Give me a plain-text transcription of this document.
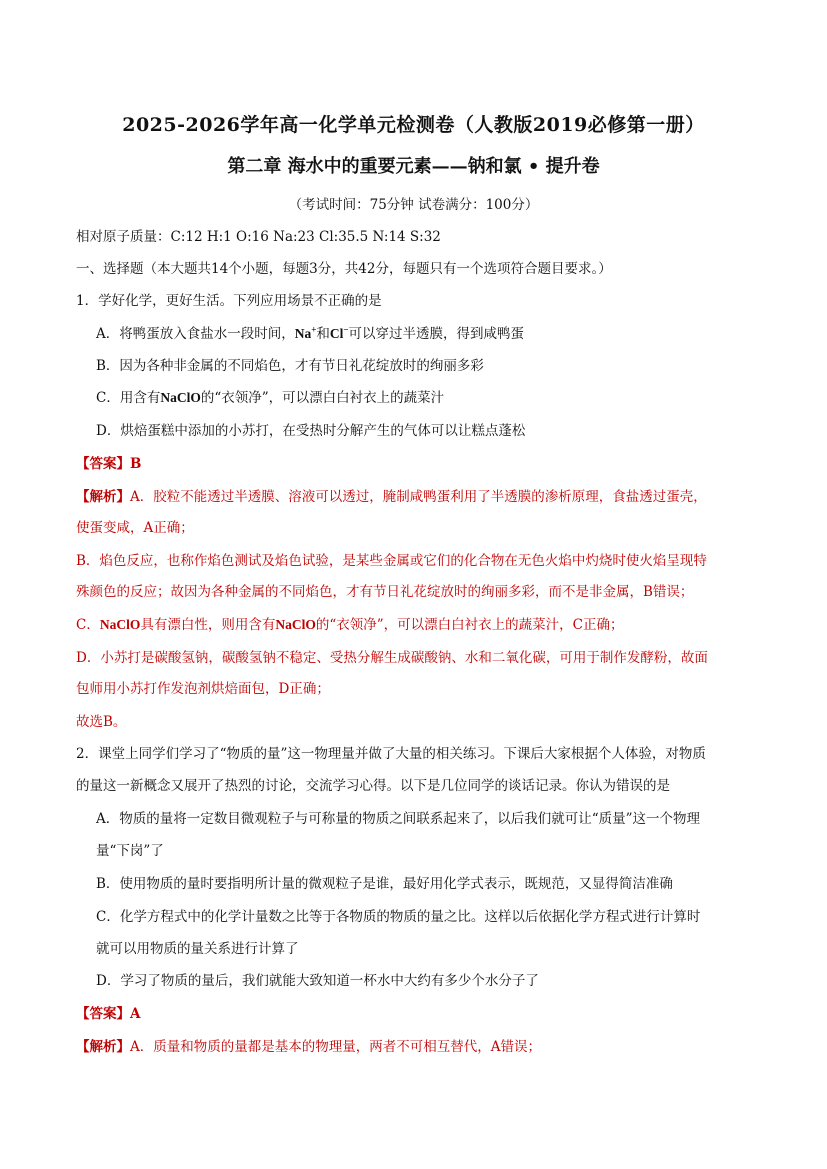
2025-2026学年高一化学单元检测卷（人教版2019必修第一册）
第二章 海水中的重要元素——钠和氯 • 提升卷
（考试时间：75分钟 试卷满分：100分）
相对原子质量：C:12 H:1 O:16 Na:23 Cl:35.5 N:14 S:32
一、选择题（本大题共14个小题，每题3分，共42分，每题只有一个选项符合题目要求。）
1．学好化学，更好生活。下列应用场景不正确的是
A．将鸭蛋放入食盐水一段时间，Na+和Cl−可以穿过半透膜，得到咸鸭蛋
B．因为各种非金属的不同焰色，才有节日礼花绽放时的绚丽多彩
C．用含有NaClO的“衣领净”，可以漂白白衬衣上的蔬菜汁
D．烘焙蛋糕中添加的小苏打，在受热时分解产生的气体可以让糕点蓬松
【答案】B
【解析】A．胶粒不能透过半透膜、溶液可以透过，腌制咸鸭蛋利用了半透膜的渗析原理，食盐透过蛋壳，
使蛋变咸，A正确；
B．焰色反应，也称作焰色测试及焰色试验，是某些金属或它们的化合物在无色火焰中灼烧时使火焰呈现特
殊颜色的反应；故因为各种金属的不同焰色，才有节日礼花绽放时的绚丽多彩，而不是非金属，B错误；
C．NaClO具有漂白性，则用含有NaClO的“衣领净”，可以漂白白衬衣上的蔬菜汁，C正确；
D．小苏打是碳酸氢钠，碳酸氢钠不稳定、受热分解生成碳酸钠、水和二氧化碳，可用于制作发酵粉，故面
包师用小苏打作发泡剂烘焙面包，D正确；
故选B。
2．课堂上同学们学习了“物质的量”这一物理量并做了大量的相关练习。下课后大家根据个人体验，对物质
的量这一新概念又展开了热烈的讨论，交流学习心得。以下是几位同学的谈话记录。你认为错误的是
A．物质的量将一定数目微观粒子与可称量的物质之间联系起来了，以后我们就可让“质量”这一个物理
量“下岗”了
B．使用物质的量时要指明所计量的微观粒子是谁，最好用化学式表示，既规范，又显得简洁准确
C．化学方程式中的化学计量数之比等于各物质的物质的量之比。这样以后依据化学方程式进行计算时
就可以用物质的量关系进行计算了
D．学习了物质的量后，我们就能大致知道一杯水中大约有多少个水分子了
【答案】A
【解析】A．质量和物质的量都是基本的物理量，两者不可相互替代，A错误；
